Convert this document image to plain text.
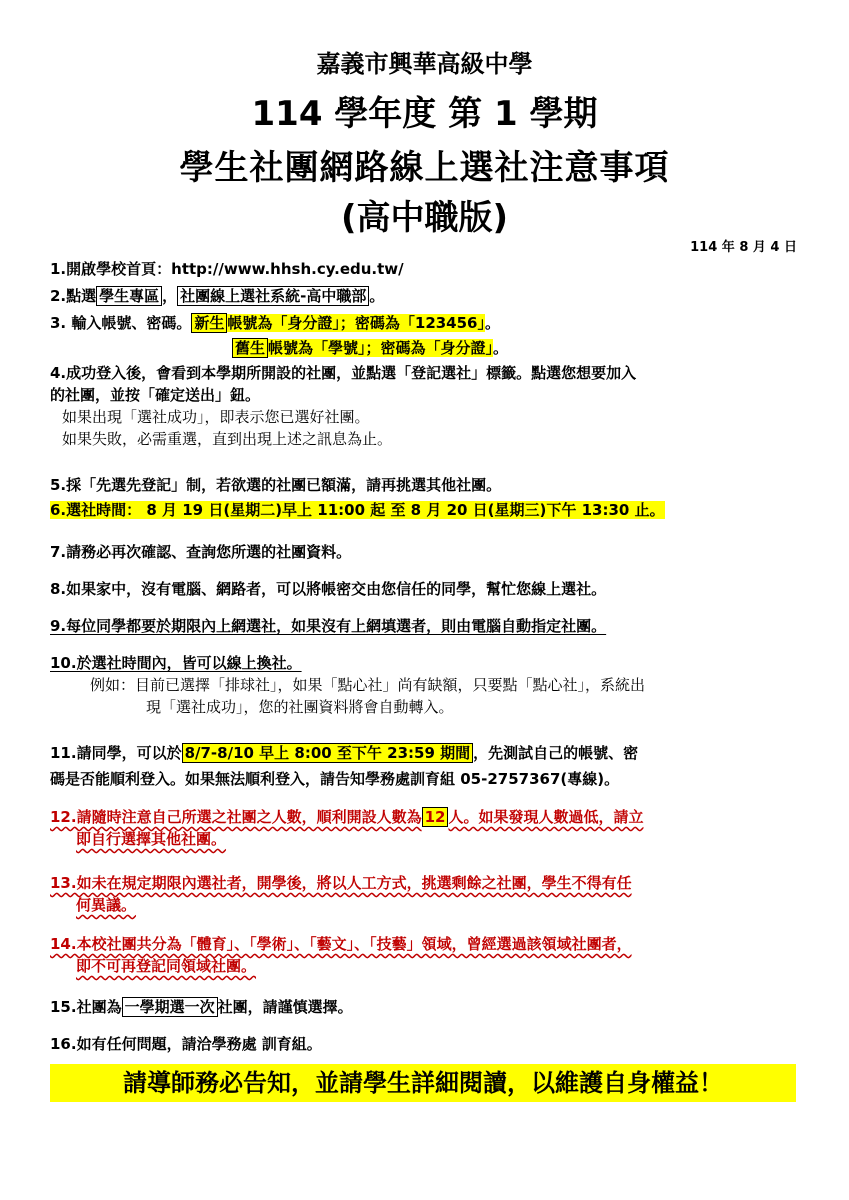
嘉義市興華高級中學
114 學年度 第 1 學期
學生社團網路線上選社注意事項
(高中職版)
114 年 8 月 4 日
1.開啟學校首頁：http://www.hhsh.cy.edu.tw/
2.點選 學生專區 ， 社團線上選社系統-高中職部 。
3. 輸入帳號、密碼。 新生 帳號為「身分證」；密碼為「123456」。
舊生 帳號為「學號」；密碼為「身分證」。
4.成功登入後，會看到本學期所開設的社團，並點選「登記選社」標籤。點選您想要加入
的社團，並按「確定送出」鈕。
如果出現「選社成功」，即表示您已選好社團。
如果失敗，必需重選，直到出現上述之訊息為止。
5.採「先選先登記」制，若欲選的社團已額滿，請再挑選其他社團。
6.選社時間： 8 月 19 日(星期二)早上 11:00 起 至 8 月 20 日(星期三)下午 13:30 止。
7.請務必再次確認、查詢您所選的社團資料。
8.如果家中，沒有電腦、網路者，可以將帳密交由您信任的同學，幫忙您線上選社。
9.每位同學都要於期限內上網選社，如果沒有上網填選者，則由電腦自動指定社團。
10.於選社時間內，皆可以線上換社。
例如：目前已選擇「排球社」，如果「點心社」尚有缺額，只要點「點心社」，系統出
現「選社成功」，您的社團資料將會自動轉入。
11.請同學，可以於 8/7-8/10 早上 8:00 至下午 23:59 期間 ，先測試自己的帳號、密
碼是否能順利登入。如果無法順利登入，請告知學務處訓育組 05-2757367(專線)。
12.請隨時注意自己所選之社團之人數，順利開設人數為 12 人。如果發現人數過低，請立
即自行選擇其他社團。
13.如未在規定期限內選社者，開學後，將以人工方式，挑選剩餘之社團，學生不得有任
何異議。
14.本校社團共分為「體育」、「學術」、「藝文」、「技藝」領域，曾經選過該領域社團者，
即不可再登記同領域社團。
15.社團為 一學期選一次 社團，請謹慎選擇。
16.如有任何問題，請洽學務處 訓育組。
請導師務必告知，並請學生詳細閱讀，以維護自身權益！
